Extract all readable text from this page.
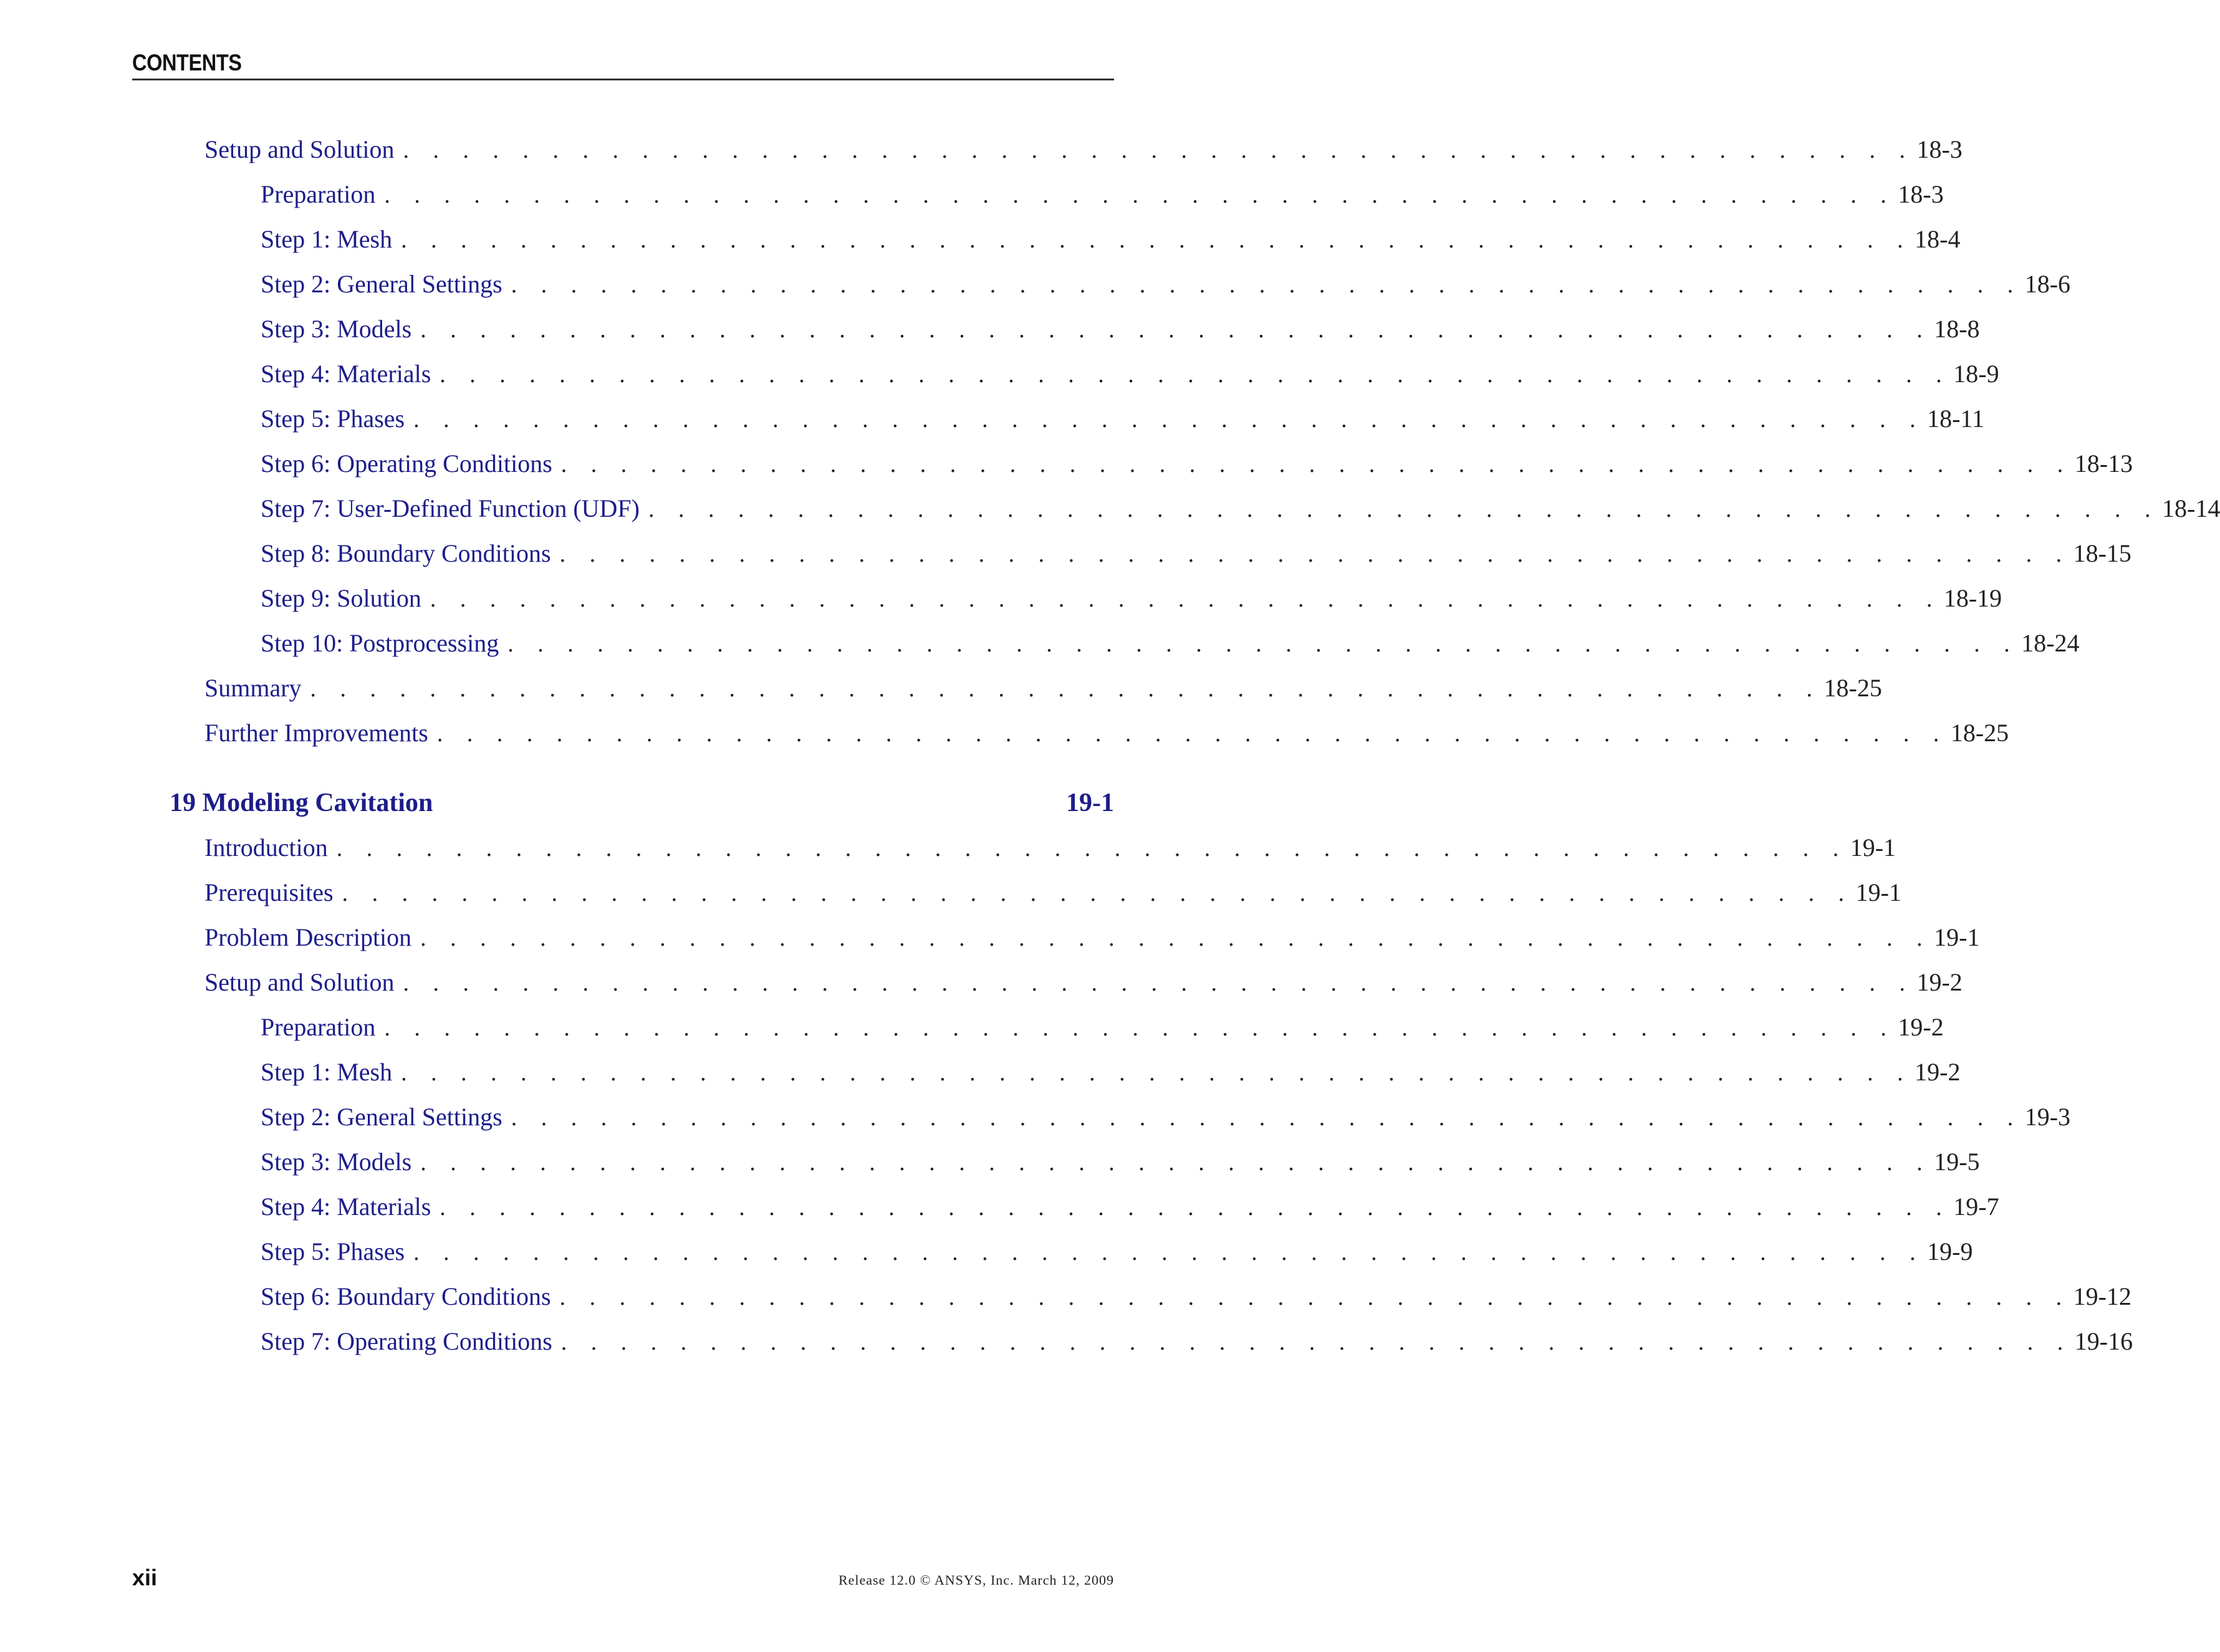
CONTENTS
Setup and Solution . . . . . . . . . . . . . . . . . . . . . . . . . . . . . . . . . . . . . . . . . . . . . . . . . . . 18-3
Preparation . . . . . . . . . . . . . . . . . . . . . . . . . . . . . . . . . . . . . . . . . . . . . . . . . . . 18-3
Step 1: Mesh . . . . . . . . . . . . . . . . . . . . . . . . . . . . . . . . . . . . . . . . . . . . . . . . . . . 18-4
Step 2: General Settings . . . . . . . . . . . . . . . . . . . . . . . . . . . . . . . . . . . . . . . . . . . . . . . . . . . 18-6
Step 3: Models . . . . . . . . . . . . . . . . . . . . . . . . . . . . . . . . . . . . . . . . . . . . . . . . . . . 18-8
Step 4: Materials . . . . . . . . . . . . . . . . . . . . . . . . . . . . . . . . . . . . . . . . . . . . . . . . . . . 18-9
Step 5: Phases . . . . . . . . . . . . . . . . . . . . . . . . . . . . . . . . . . . . . . . . . . . . . . . . . . . 18-11
Step 6: Operating Conditions . . . . . . . . . . . . . . . . . . . . . . . . . . . . . . . . . . . . . . . . . . . . . . . . . . . 18-13
Step 7: User-Defined Function (UDF) . . . . . . . . . . . . . . . . . . . . . . . . . . . . . . . . . . . . . . . . . . . . . . . . . . . 18-14
Step 8: Boundary Conditions . . . . . . . . . . . . . . . . . . . . . . . . . . . . . . . . . . . . . . . . . . . . . . . . . . . 18-15
Step 9: Solution . . . . . . . . . . . . . . . . . . . . . . . . . . . . . . . . . . . . . . . . . . . . . . . . . . . 18-19
Step 10: Postprocessing . . . . . . . . . . . . . . . . . . . . . . . . . . . . . . . . . . . . . . . . . . . . . . . . . . . 18-24
Summary . . . . . . . . . . . . . . . . . . . . . . . . . . . . . . . . . . . . . . . . . . . . . . . . . . . 18-25
Further Improvements . . . . . . . . . . . . . . . . . . . . . . . . . . . . . . . . . . . . . . . . . . . . . . . . . . . 18-25
19 Modeling Cavitation	19-1
Introduction . . . . . . . . . . . . . . . . . . . . . . . . . . . . . . . . . . . . . . . . . . . . . . . . . . . 19-1
Prerequisites . . . . . . . . . . . . . . . . . . . . . . . . . . . . . . . . . . . . . . . . . . . . . . . . . . . 19-1
Problem Description . . . . . . . . . . . . . . . . . . . . . . . . . . . . . . . . . . . . . . . . . . . . . . . . . . . 19-1
Setup and Solution . . . . . . . . . . . . . . . . . . . . . . . . . . . . . . . . . . . . . . . . . . . . . . . . . . . 19-2
Preparation . . . . . . . . . . . . . . . . . . . . . . . . . . . . . . . . . . . . . . . . . . . . . . . . . . . 19-2
Step 1: Mesh . . . . . . . . . . . . . . . . . . . . . . . . . . . . . . . . . . . . . . . . . . . . . . . . . . . 19-2
Step 2: General Settings . . . . . . . . . . . . . . . . . . . . . . . . . . . . . . . . . . . . . . . . . . . . . . . . . . . 19-3
Step 3: Models . . . . . . . . . . . . . . . . . . . . . . . . . . . . . . . . . . . . . . . . . . . . . . . . . . . 19-5
Step 4: Materials . . . . . . . . . . . . . . . . . . . . . . . . . . . . . . . . . . . . . . . . . . . . . . . . . . . 19-7
Step 5: Phases . . . . . . . . . . . . . . . . . . . . . . . . . . . . . . . . . . . . . . . . . . . . . . . . . . . 19-9
Step 6: Boundary Conditions . . . . . . . . . . . . . . . . . . . . . . . . . . . . . . . . . . . . . . . . . . . . . . . . . . . 19-12
Step 7: Operating Conditions . . . . . . . . . . . . . . . . . . . . . . . . . . . . . . . . . . . . . . . . . . . . . . . . . . . 19-16
xii	Release 12.0 © ANSYS, Inc. March 12, 2009
